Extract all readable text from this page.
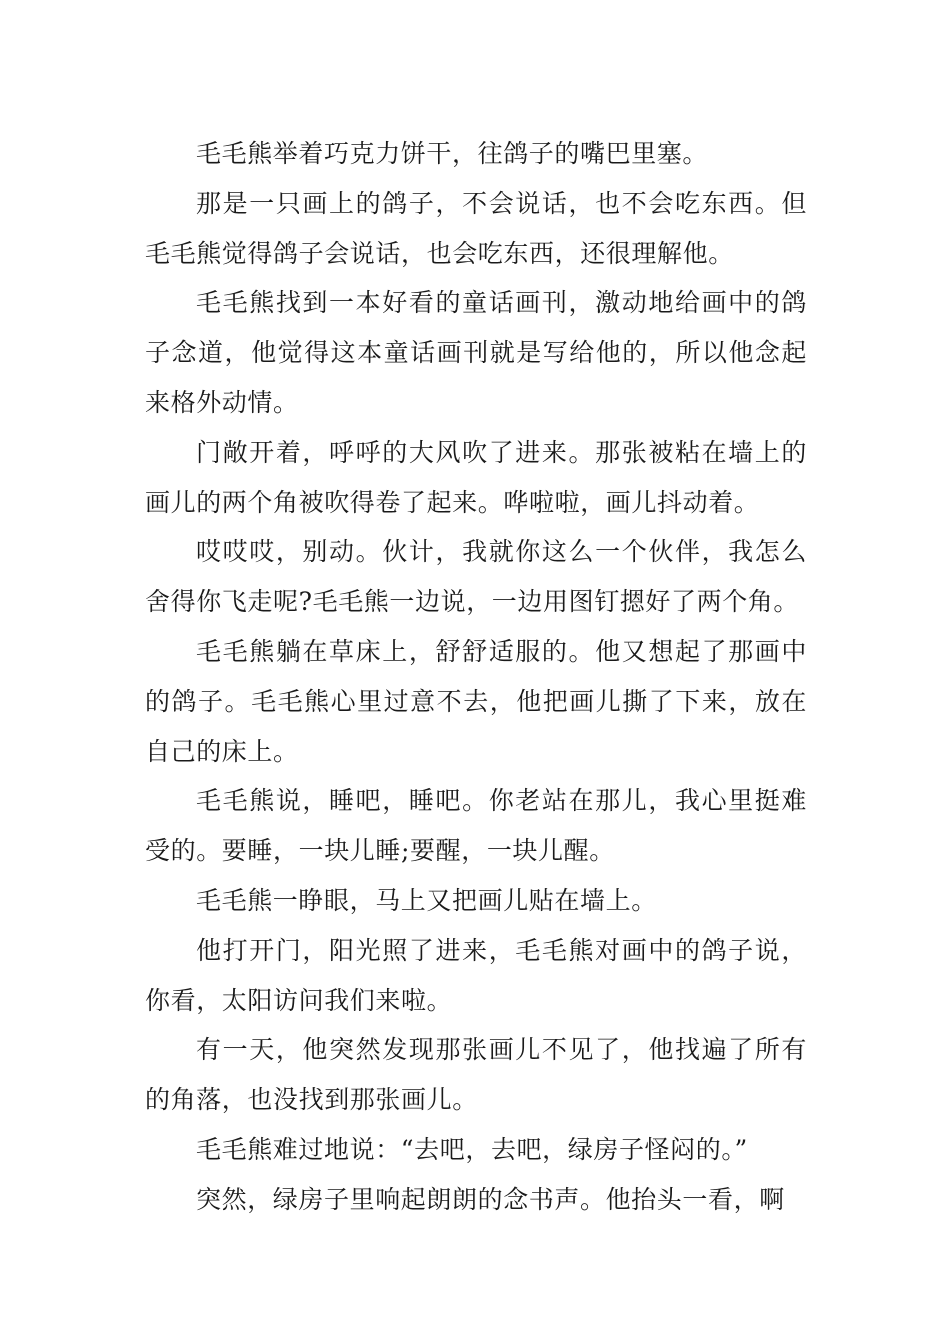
毛毛熊举着巧克力饼干，往鸽子的嘴巴里塞。

那是一只画上的鸽子，不会说话，也不会吃东西。但毛毛熊觉得鸽子会说话，也会吃东西，还很理解他。

毛毛熊找到一本好看的童话画刊，激动地给画中的鸽子念道，他觉得这本童话画刊就是写给他的，所以他念起来格外动情。

门敞开着，呼呼的大风吹了进来。那张被粘在墙上的画儿的两个角被吹得卷了起来。哗啦啦，画儿抖动着。

哎哎哎，别动。伙计，我就你这么一个伙伴，我怎么舍得你飞走呢?毛毛熊一边说，一边用图钉摁好了两个角。

毛毛熊躺在草床上，舒舒适服的。他又想起了那画中的鸽子。毛毛熊心里过意不去，他把画儿撕了下来，放在自己的床上。

毛毛熊说，睡吧，睡吧。你老站在那儿，我心里挺难受的。要睡，一块儿睡;要醒，一块儿醒。

毛毛熊一睁眼，马上又把画儿贴在墙上。

他打开门，阳光照了进来，毛毛熊对画中的鸽子说，你看，太阳访问我们来啦。

有一天，他突然发现那张画儿不见了，他找遍了所有的角落，也没找到那张画儿。

毛毛熊难过地说：“去吧，去吧，绿房子怪闷的。”

突然，绿房子里响起朗朗的念书声。他抬头一看，啊
